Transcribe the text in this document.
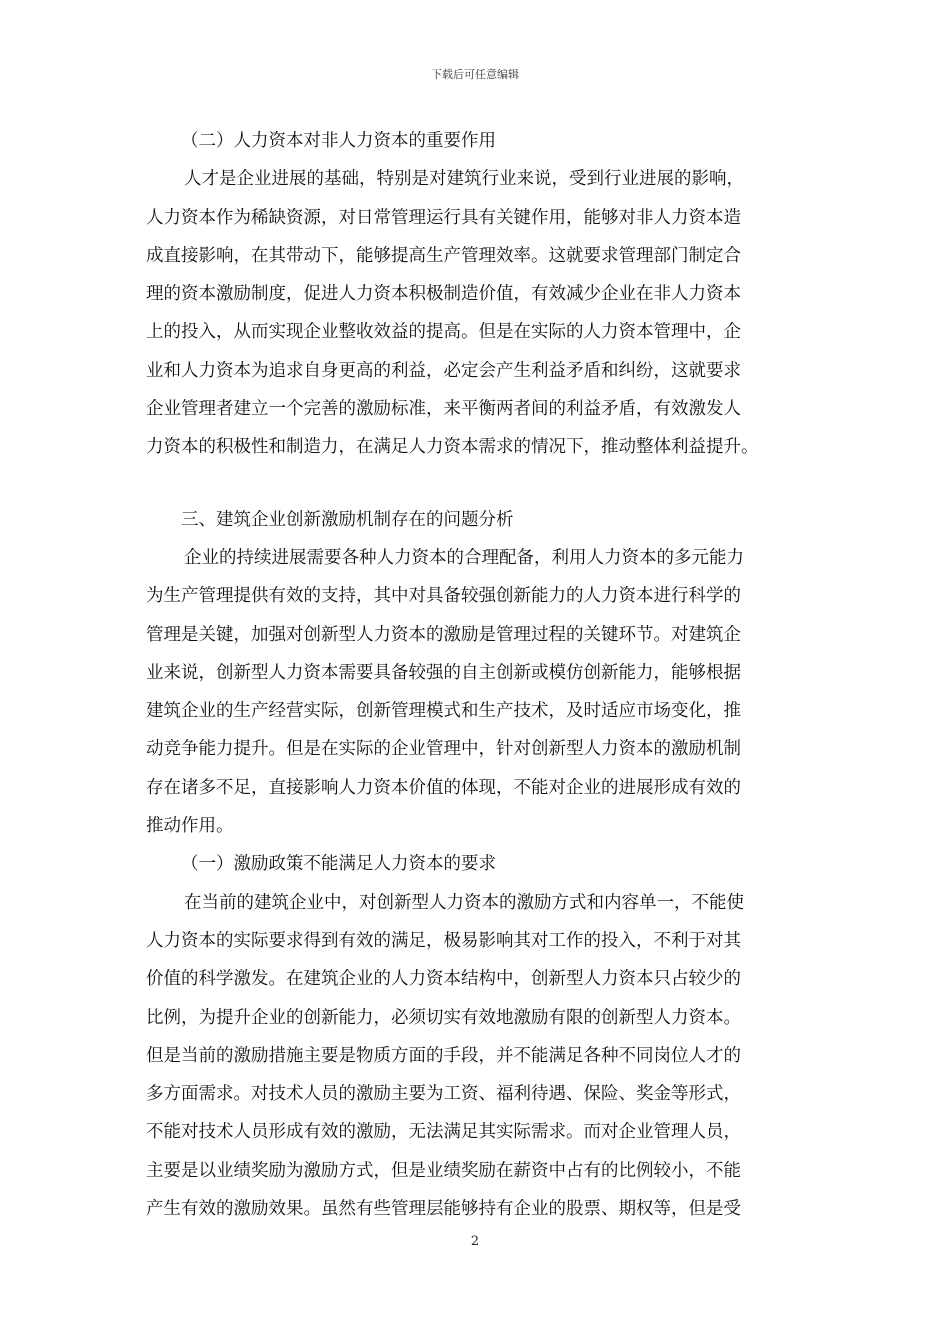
下载后可任意编辑
（二）人力资本对非人力资本的重要作用
人才是企业进展的基础，特别是对建筑行业来说，受到行业进展的影响，
人力资本作为稀缺资源，对日常管理运行具有关键作用，能够对非人力资本造
成直接影响，在其带动下，能够提高生产管理效率。这就要求管理部门制定合
理的资本激励制度，促进人力资本积极制造价值，有效减少企业在非人力资本
上的投入，从而实现企业整收效益的提高。但是在实际的人力资本管理中，企
业和人力资本为追求自身更高的利益，必定会产生利益矛盾和纠纷，这就要求
企业管理者建立一个完善的激励标准，来平衡两者间的利益矛盾，有效激发人
力资本的积极性和制造力，在满足人力资本需求的情况下，推动整体利益提升。
三、建筑企业创新激励机制存在的问题分析
企业的持续进展需要各种人力资本的合理配备，利用人力资本的多元能力
为生产管理提供有效的支持，其中对具备较强创新能力的人力资本进行科学的
管理是关键，加强对创新型人力资本的激励是管理过程的关键环节。对建筑企
业来说，创新型人力资本需要具备较强的自主创新或模仿创新能力，能够根据
建筑企业的生产经营实际，创新管理模式和生产技术，及时适应市场变化，推
动竞争能力提升。但是在实际的企业管理中，针对创新型人力资本的激励机制
存在诸多不足，直接影响人力资本价值的体现，不能对企业的进展形成有效的
推动作用。
（一）激励政策不能满足人力资本的要求
在当前的建筑企业中，对创新型人力资本的激励方式和内容单一，不能使
人力资本的实际要求得到有效的满足，极易影响其对工作的投入，不利于对其
价值的科学激发。在建筑企业的人力资本结构中，创新型人力资本只占较少的
比例，为提升企业的创新能力，必须切实有效地激励有限的创新型人力资本。
但是当前的激励措施主要是物质方面的手段，并不能满足各种不同岗位人才的
多方面需求。对技术人员的激励主要为工资、福利待遇、保险、奖金等形式，
不能对技术人员形成有效的激励，无法满足其实际需求。而对企业管理人员，
主要是以业绩奖励为激励方式，但是业绩奖励在薪资中占有的比例较小，不能
产生有效的激励效果。虽然有些管理层能够持有企业的股票、期权等，但是受
2
